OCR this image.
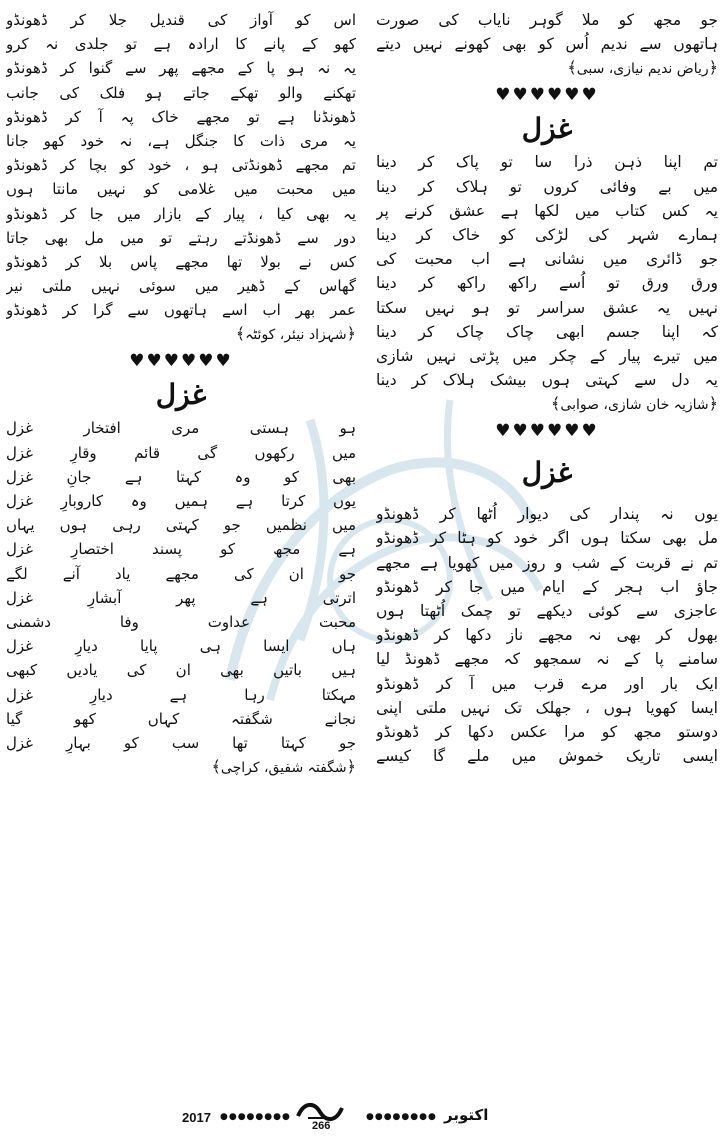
جو مجھ کو ملا گوہر نایاب کی صورت
ہاتھوں سے ندیم اُس کو بھی کھونے نہیں دیتے
﴿رياض نديم نيازى، سبى﴾
♥♥♥♥♥♥
غزل
تم اپنا ذہن ذرا سا تو پاک کر دینا
میں بے وفائی کروں تو ہلاک کر دینا
یہ کس کتاب میں لکھا ہے عشق کرنے پر
ہمارے شہر کی لڑکی کو خاک کر دینا
جو ڈائری میں نشانی ہے اب محبت کی
ورق ورق تو اُسے راکھ راکھ کر دینا
نہیں یہ عشق سراسر تو ہو نہیں سکتا
کہ اپنا جسم ابھی چاک چاک کر دینا
میں تیرے پیار کے چکر میں پڑتی نہیں شازی
یہ دل سے کہتی ہوں بیشک ہلاک کر دینا
﴿شازیہ خان شازی، صوابی﴾
♥♥♥♥♥♥
غزل
یوں نہ پندار کی دیوار اُٹھا کر ڈھونڈو
مل بھی سکتا ہوں اگر خود کو ہٹا کر ڈھونڈو
تم نے قربت کے شب و روز میں کھویا ہے مجھے
جاؤ اب ہجر کے ایام میں جا کر ڈھونڈو
عاجزی سے کوئی دیکھے تو چمک اُٹھتا ہوں
بھول کر بھی نہ مجھے ناز دکھا کر ڈھونڈو
سامنے پا کے نہ سمجھو کہ مجھے ڈھونڈ لیا
ایک بار اور مرے قرب میں آ کر ڈھونڈو
ایسا کھویا ہوں ، جھلک تک نہیں ملتی اپنی
دوستو مجھ کو مرا عکس دکھا کر ڈھونڈو
ایسی تاریک خموش میں ملے گا کیسے
اس کو آواز کی قندیل جلا کر ڈھونڈو
کھو کے پانے کا ارادہ ہے تو جلدی نہ کرو
یہ نہ ہو پا کے مجھے پھر سے گنوا کر ڈھونڈو
تھکنے والو تھکے جاتے ہو فلک کی جانب
ڈھونڈنا ہے تو مجھے خاک پہ آ کر ڈھونڈو
یہ مری ذات کا جنگل ہے، نہ خود کھو جانا
تم مجھے ڈھونڈتی ہو ، خود کو بچا کر ڈھونڈو
میں محبت میں غلامی کو نہیں مانتا ہوں
یہ بھی کیا ، پیار کے بازار میں جا کر ڈھونڈو
دور سے ڈھونڈتے رہتے تو میں مل بھی جاتا
کس نے بولا تھا مجھے پاس بلا کر ڈھونڈو
گھاس کے ڈھیر میں سوئی نہیں ملتی نیر
عمر بھر اب اسے ہاتھوں سے گرا کر ڈھونڈو
﴿شہزاد نیئر، کوئٹہ﴾
♥♥♥♥♥♥
غزل
ہو ہستی مری افتخار غزل
میں رکھوں گی قائم وقارِ غزل
بھی کو وہ کہتا ہے جانِ غزل
یوں کرتا ہے ہمیں وہ کاروبارِ غزل
میں نظمیں جو کہتی رہی ہوں یہاں
ہے مجھ کو پسند اختصارِ غزل
جو ان کی مجھے یاد آنے لگے
اترتی ہے پھر آبشارِ غزل
محبت عداوت وفا دشمنی
ہاں ایسا ہی پایا دیارِ غزل
ہیں باتیں بھی ان کی یادیں کبھی
مہکتا رہا ہے دیارِ غزل
نجانے شگفتہ کہاں کھو گیا
جو کہتا تھا سب کو بہارِ غزل
﴿شگفتہ شفیق، کراچی﴾
2017 ●●●●●●●●
266
●●●●●●●● اکتوبر
